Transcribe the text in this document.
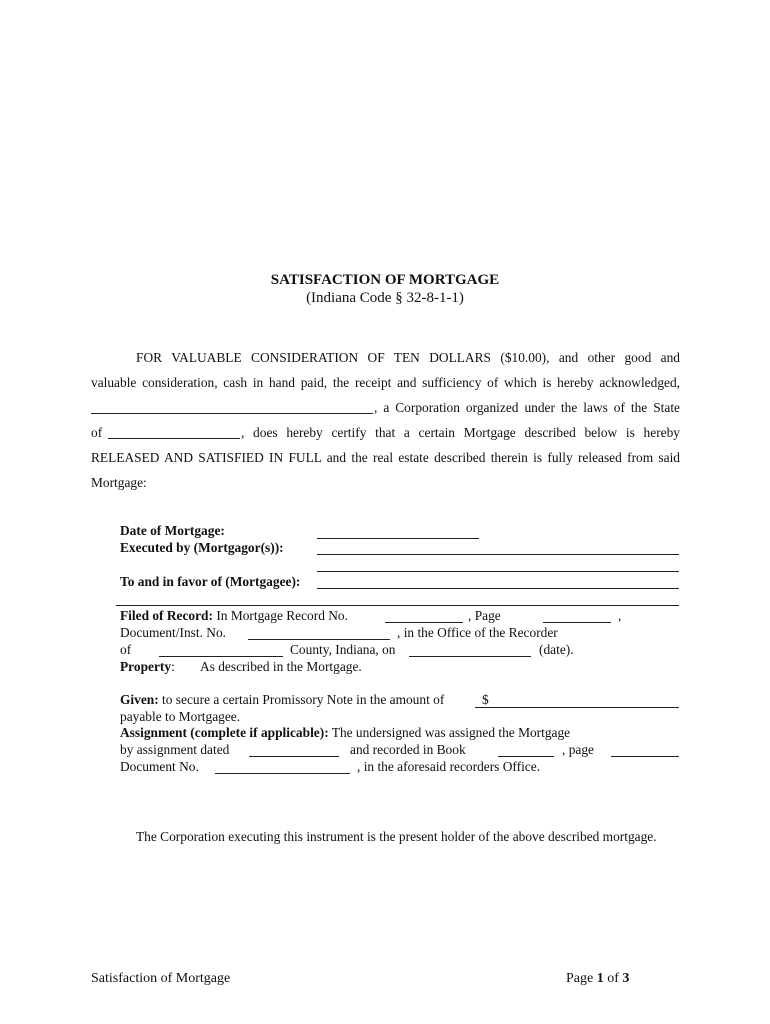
SATISFACTION OF MORTGAGE
(Indiana Code § 32-8-1-1)
FOR VALUABLE CONSIDERATION OF TEN DOLLARS ($10.00), and other good and
valuable consideration, cash in hand paid, the receipt and sufficiency of which is hereby acknowledged,
, a Corporation organized under the laws of the State
of	, does hereby certify that a certain Mortgage described below is hereby
RELEASED AND SATISFIED IN FULL and the real estate described therein is fully released from said
Mortgage:
Date of Mortgage:
Executed by (Mortgagor(s)):
To and in favor of (Mortgagee):
Filed of Record: In Mortgage Record No.	, Page	,
Document/Inst. No.	, in the Office of the Recorder
of	County, Indiana, on	(date).
Property: As described in the Mortgage.
Given: to secure a certain Promissory Note in the amount of	$
payable to Mortgagee.
Assignment (complete if applicable): The undersigned was assigned the Mortgage
by assignment dated	and recorded in Book	, page
Document No.	, in the aforesaid recorders Office.
The Corporation executing this instrument is the present holder of the above described mortgage.
Satisfaction of Mortgage	Page 1 of 3
